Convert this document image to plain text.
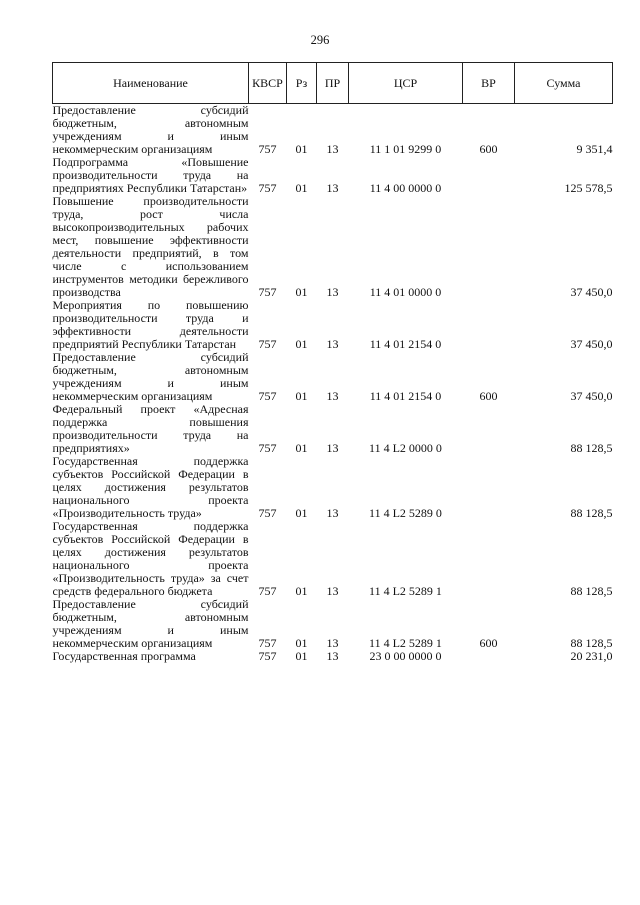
296
Наименование	КВСР	Рз	ПР	ЦСР	ВР	Сумма
Предоставление субсидий бюджетным, автономным учреждениям и иным некоммерческим организациям	757	01	13	11 1 01 9299 0	600	9 351,4
Подпрограмма «Повышение производительности труда на предприятиях Республики Татарстан»	757	01	13	11 4 00 0000 0		125 578,5
Повышение производительности труда, рост числа высокопроизводительных рабочих мест, повышение эффективности деятельности предприятий, в том числе с использованием инструментов методики бережливого производства	757	01	13	11 4 01 0000 0		37 450,0
Мероприятия по повышению производительности труда и эффективности деятельности предприятий Республики Татарстан	757	01	13	11 4 01 2154 0		37 450,0
Предоставление субсидий бюджетным, автономным учреждениям и иным некоммерческим организациям	757	01	13	11 4 01 2154 0	600	37 450,0
Федеральный проект «Адресная поддержка повышения производительности труда на предприятиях»	757	01	13	11 4 L2 0000 0		88 128,5
Государственная поддержка субъектов Российской Федерации в целях достижения результатов национального проекта «Производительность труда»	757	01	13	11 4 L2 5289 0		88 128,5
Государственная поддержка субъектов Российской Федерации в целях достижения результатов национального проекта «Производительность труда» за счет средств федерального бюджета	757	01	13	11 4 L2 5289 1		88 128,5
Предоставление субсидий бюджетным, автономным учреждениям и иным некоммерческим организациям	757	01	13	11 4 L2 5289 1	600	88 128,5
Государственная программа	757	01	13	23 0 00 0000 0		20 231,0
